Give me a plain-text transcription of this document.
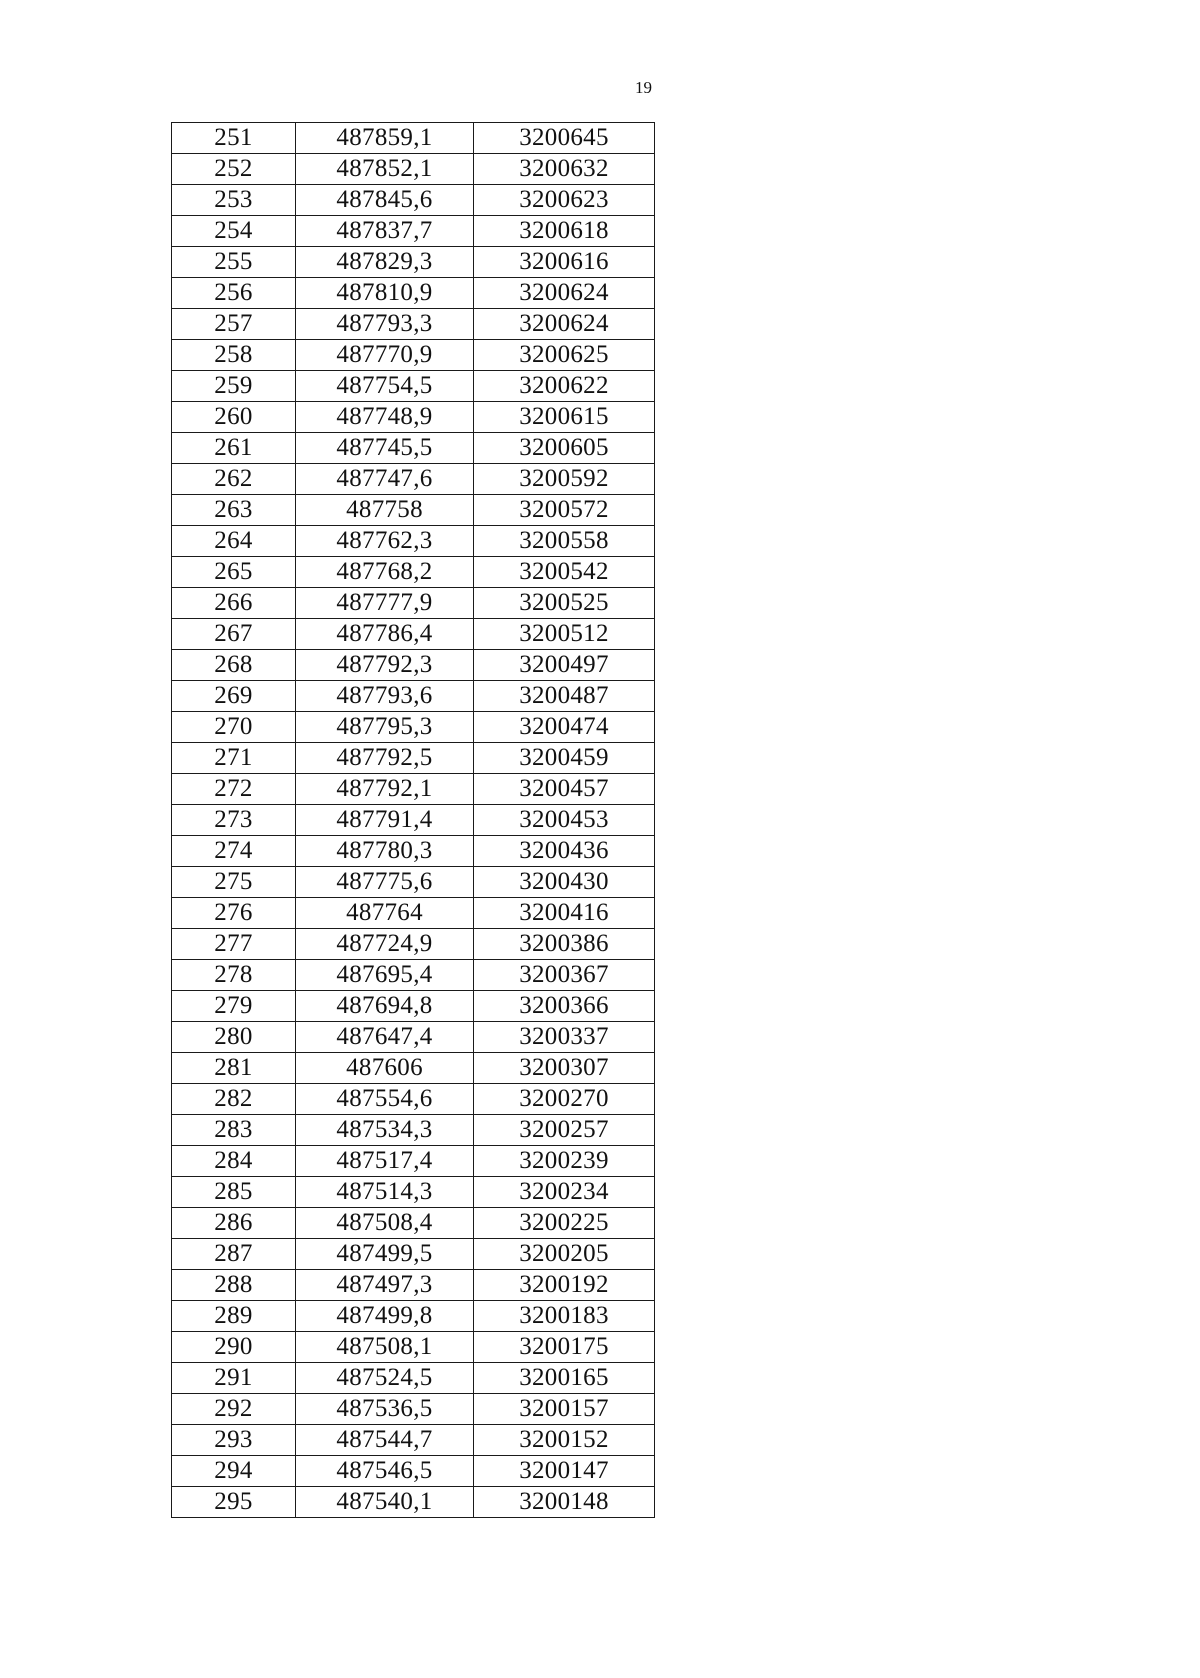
19
251	487859,1	3200645
252	487852,1	3200632
253	487845,6	3200623
254	487837,7	3200618
255	487829,3	3200616
256	487810,9	3200624
257	487793,3	3200624
258	487770,9	3200625
259	487754,5	3200622
260	487748,9	3200615
261	487745,5	3200605
262	487747,6	3200592
263	487758	3200572
264	487762,3	3200558
265	487768,2	3200542
266	487777,9	3200525
267	487786,4	3200512
268	487792,3	3200497
269	487793,6	3200487
270	487795,3	3200474
271	487792,5	3200459
272	487792,1	3200457
273	487791,4	3200453
274	487780,3	3200436
275	487775,6	3200430
276	487764	3200416
277	487724,9	3200386
278	487695,4	3200367
279	487694,8	3200366
280	487647,4	3200337
281	487606	3200307
282	487554,6	3200270
283	487534,3	3200257
284	487517,4	3200239
285	487514,3	3200234
286	487508,4	3200225
287	487499,5	3200205
288	487497,3	3200192
289	487499,8	3200183
290	487508,1	3200175
291	487524,5	3200165
292	487536,5	3200157
293	487544,7	3200152
294	487546,5	3200147
295	487540,1	3200148
